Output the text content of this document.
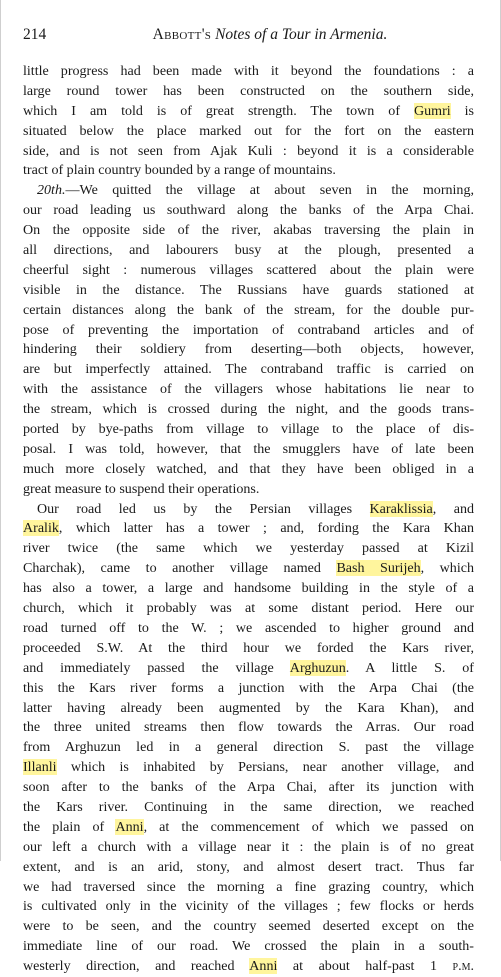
214	Abbott's Notes of a Tour in Armenia.
little progress had been made with it beyond the foundations : a
large round tower has been constructed on the southern side,
which I am told is of great strength. The town of Gumri is
situated below the place marked out for the fort on the eastern
side, and is not seen from Ajak Kuli : beyond it is a considerable
tract of plain country bounded by a range of mountains.
20th.—We quitted the village at about seven in the morning,
our road leading us southward along the banks of the Arpa Chai.
On the opposite side of the river, akabas traversing the plain in
all directions, and labourers busy at the plough, presented a
cheerful sight : numerous villages scattered about the plain were
visible in the distance. The Russians have guards stationed at
certain distances along the bank of the stream, for the double pur-
pose of preventing the importation of contraband articles and of
hindering their soldiery from deserting—both objects, however,
are but imperfectly attained. The contraband traffic is carried on
with the assistance of the villagers whose habitations lie near to
the stream, which is crossed during the night, and the goods trans-
ported by bye-paths from village to village to the place of dis-
posal. I was told, however, that the smugglers have of late been
much more closely watched, and that they have been obliged in a
great measure to suspend their operations.
Our road led us by the Persian villages Karaklissia, and
Aralik, which latter has a tower ; and, fording the Kara Khan
river twice (the same which we yesterday passed at Kizil
Charchak), came to another village named Bash Surijeh, which
has also a tower, a large and handsome building in the style of a
church, which it probably was at some distant period. Here our
road turned off to the W. ; we ascended to higher ground and
proceeded S.W. At the third hour we forded the Kars river,
and immediately passed the village Arghuzun. A little S. of
this the Kars river forms a junction with the Arpa Chai (the
latter having already been augmented by the Kara Khan), and
the three united streams then flow towards the Arras. Our road
from Arghuzun led in a general direction S. past the village
Illanli which is inhabited by Persians, near another village, and
soon after to the banks of the Arpa Chai, after its junction with
the Kars river. Continuing in the same direction, we reached
the plain of Anni, at the commencement of which we passed on
our left a church with a village near it : the plain is of no great
extent, and is an arid, stony, and almost desert tract. Thus far
we had traversed since the morning a fine grazing country, which
is cultivated only in the vicinity of the villages ; few flocks or herds
were to be seen, and the country seemed deserted except on the
immediate line of our road. We crossed the plain in a south-
westerly direction, and reached Anni at about half-past 1 p.m.
